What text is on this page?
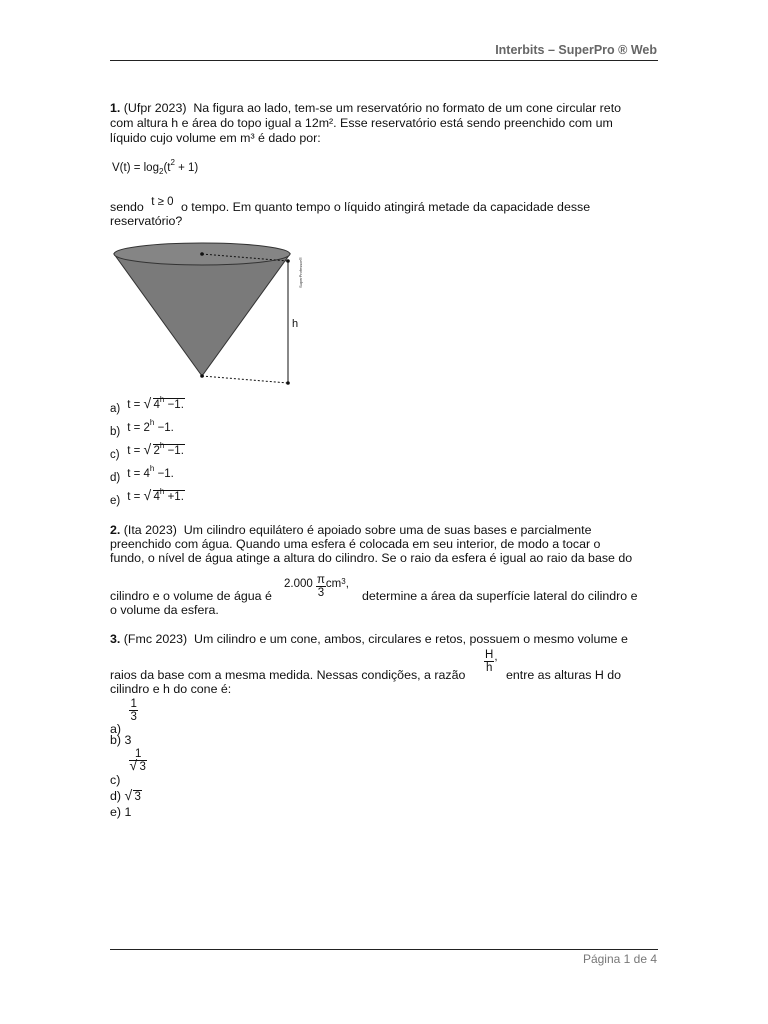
Interbits – SuperPro ® Web
1. (Ufpr 2023) Na figura ao lado, tem-se um reservatório no formato de um cone circular reto
com altura h e área do topo igual a 12m². Esse reservatório está sendo preenchido com um
líquido cujo volume em m³ é dado por:
$V(t) = \log_2(t^2 + 1)$
sendo t ≥ 0 o tempo. Em quanto tempo o líquido atingirá metade da capacidade desse
reservatório?
h
SuperProfessor®
a) t = √ $4^h -1$.
b) $t = 2^h -1$.
c) t = √ $2^h -1$.
d) $t = 4^h -1$.
e) t = √ $4^h +1$.
2. (Ita 2023) Um cilindro equilátero é apoiado sobre uma de suas bases e parcialmente
preenchido com água. Quando uma esfera é colocada em seu interior, de modo a tocar o
fundo, o nível de água atinge a altura do cilindro. Se o raio da esfera é igual ao raio da base do
cilindro e o volume de água é
$2.000 \frac{\pi}{3} cm^3$,
determine a área da superfície lateral do cilindro e
o volume da esfera.
3. (Fmc 2023) Um cilindro e um cone, ambos, circulares e retos, possuem o mesmo volume e
raios da base com a mesma medida. Nessas condições, a razão
$\frac{H}{h}$ ,
entre as alturas H do
cilindro e h do cone é:
a)
$\frac{1}{3}$
b) 3
c)
$\frac{1}{√ 3}$
d) √ 3
e) 1
Página 1 de 4
